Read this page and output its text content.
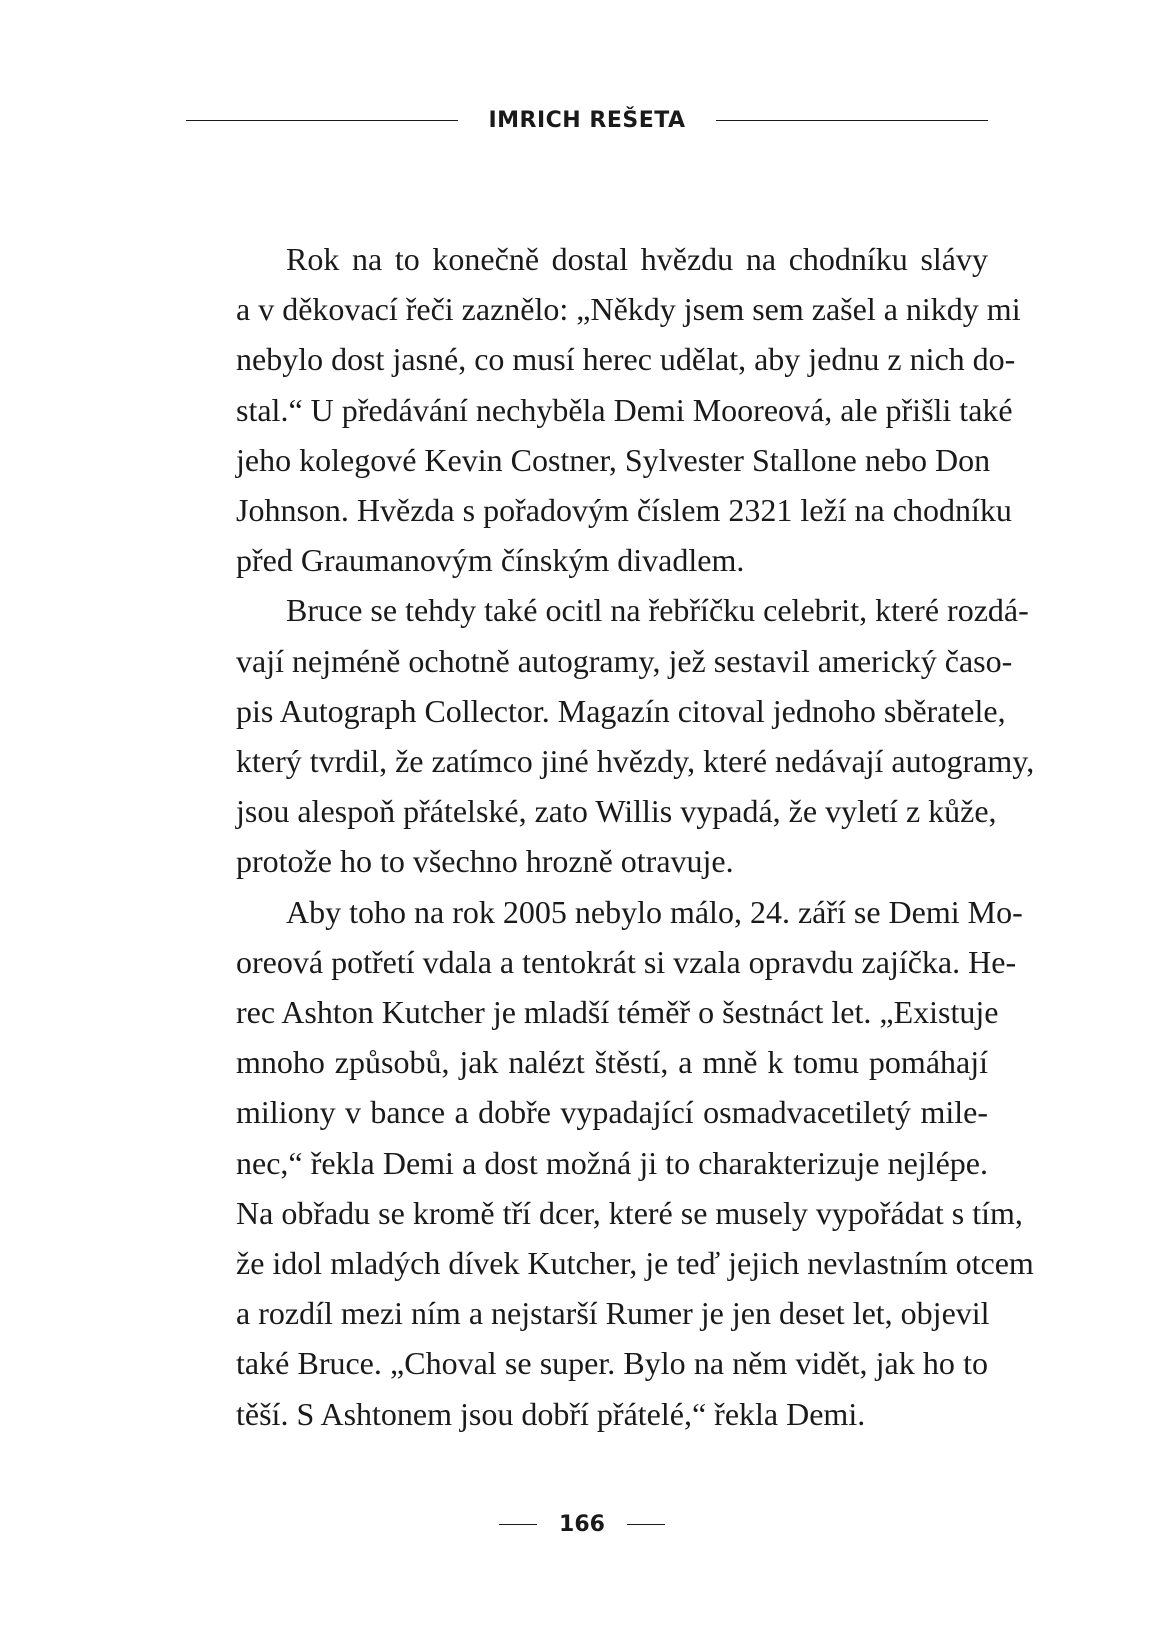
IMRICH REŠETA

Rok na to konečně dostal hvězdu na chodníku slávy
a v děkovací řeči zaznělo: „Někdy jsem sem zašel a nikdy mi
nebylo dost jasné, co musí herec udělat, aby jednu z nich do-
stal.“ U předávání nechyběla Demi Mooreová, ale přišli také
jeho kolegové Kevin Costner, Sylvester Stallone nebo Don
Johnson. Hvězda s pořadovým číslem 2321 leží na chodníku
před Graumanovým čínským divadlem.

Bruce se tehdy také ocitl na řebříčku celebrit, které rozdá-
vají nejméně ochotně autogramy, jež sestavil americký časo-
pis Autograph Collector. Magazín citoval jednoho sběratele,
který tvrdil, že zatímco jiné hvězdy, které nedávají autogramy,
jsou alespoň přátelské, zato Willis vypadá, že vyletí z kůže,
protože ho to všechno hrozně otravuje.

Aby toho na rok 2005 nebylo málo, 24. září se Demi Mo-
oreová potřetí vdala a tentokrát si vzala opravdu zajíčka. He-
rec Ashton Kutcher je mladší téměř o šestnáct let. „Existuje
mnoho způsobů, jak nalézt štěstí, a mně k tomu pomáhají
miliony v bance a dobře vypadající osmadvacetiletý mile-
nec,“ řekla Demi a dost možná ji to charakterizuje nejlépe.
Na obřadu se kromě tří dcer, které se musely vypořádat s tím,
že idol mladých dívek Kutcher, je teď jejich nevlastním otcem
a rozdíl mezi ním a nejstarší Rumer je jen deset let, objevil
také Bruce. „Choval se super. Bylo na něm vidět, jak ho to
těší. S Ashtonem jsou dobří přátelé,“ řekla Demi.

166
